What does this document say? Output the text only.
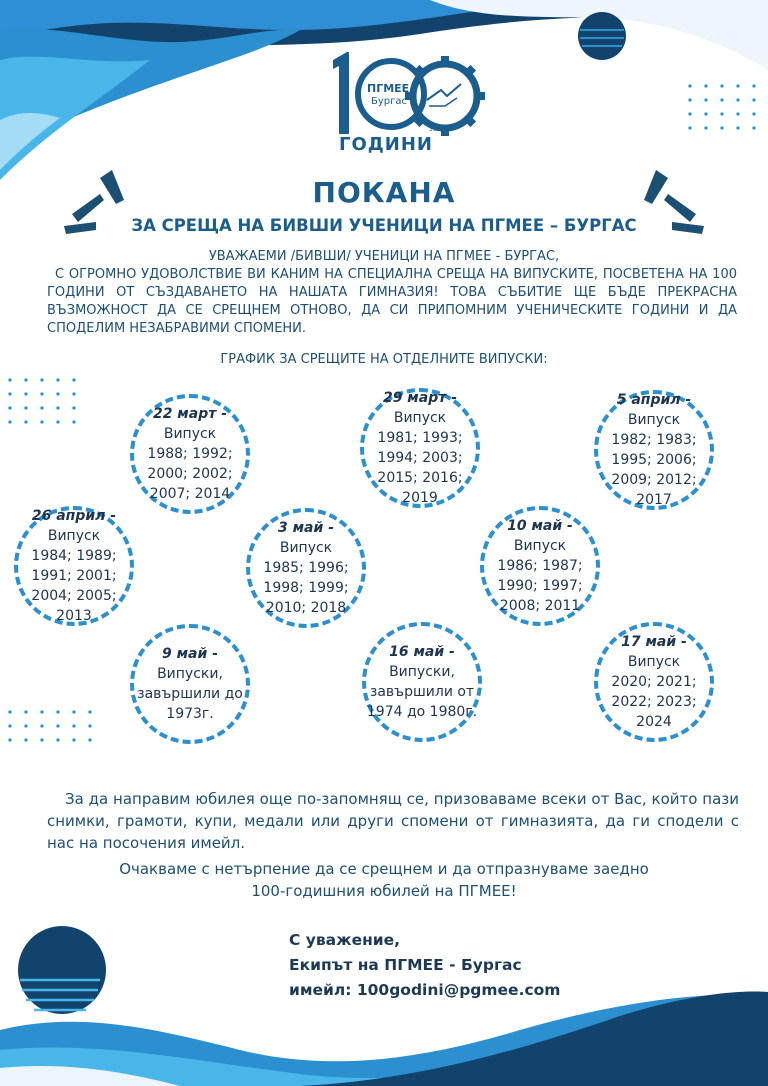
ПГМЕЕ
Бургас
1925
ГОДИНИ
ПОКАНА
ЗА СРЕЩА НА БИВШИ УЧЕНИЦИ НА ПГМЕЕ – БУРГАС
УВАЖАЕМИ /БИВШИ/ УЧЕНИЦИ НА ПГМЕЕ - БУРГАС,
С ОГРОМНО УДОВОЛСТВИЕ ВИ КАНИМ НА СПЕЦИАЛНА СРЕЩА НА ВИПУСКИТЕ, ПОСВЕТЕНА НА 100 ГОДИНИ ОТ СЪЗДАВАНЕТО НА НАШАТА ГИМНАЗИЯ! ТОВА СЪБИТИЕ ЩЕ БЪДЕ ПРЕКРАСНА ВЪЗМОЖНОСТ ДА СЕ СРЕЩНЕМ ОТНОВО, ДА СИ ПРИПОМНИМ УЧЕНИЧЕСКИТЕ ГОДИНИ И ДА СПОДЕЛИМ НЕЗАБРАВИМИ СПОМЕНИ.
ГРАФИК ЗА СРЕЩИТЕ НА ОТДЕЛНИТЕ ВИПУСКИ:
22 март -
Випуск
1988; 1992;
2000; 2002;
2007; 2014
29 март -
Випуск
1981; 1993;
1994; 2003;
2015; 2016;
2019
5 април -
Випуск
1982; 1983;
1995; 2006;
2009; 2012;
2017
26 април -
Випуск
1984; 1989;
1991; 2001;
2004; 2005;
2013
3 май -
Випуск
1985; 1996;
1998; 1999;
2010; 2018
10 май -
Випуск
1986; 1987;
1990; 1997;
2008; 2011
9 май -
Випуски,
завършили до
1973г.
16 май -
Випуски,
завършили от
1974 до 1980г.
17 май -
Випуск
2020; 2021;
2022; 2023;
2024
За да направим юбилея още по-запомнящ се, призоваваме всеки от Вас, който пази снимки, грамоти, купи, медали или други спомени от гимназията, да ги сподели с нас на посочения имейл.
Очакваме с нетърпение да се срещнем и да отпразнуваме заедно
100-годишния юбилей на ПГМЕЕ!
С уважение,
Екипът на ПГМЕЕ - Бургас
имейл: 100godini@pgmee.com
